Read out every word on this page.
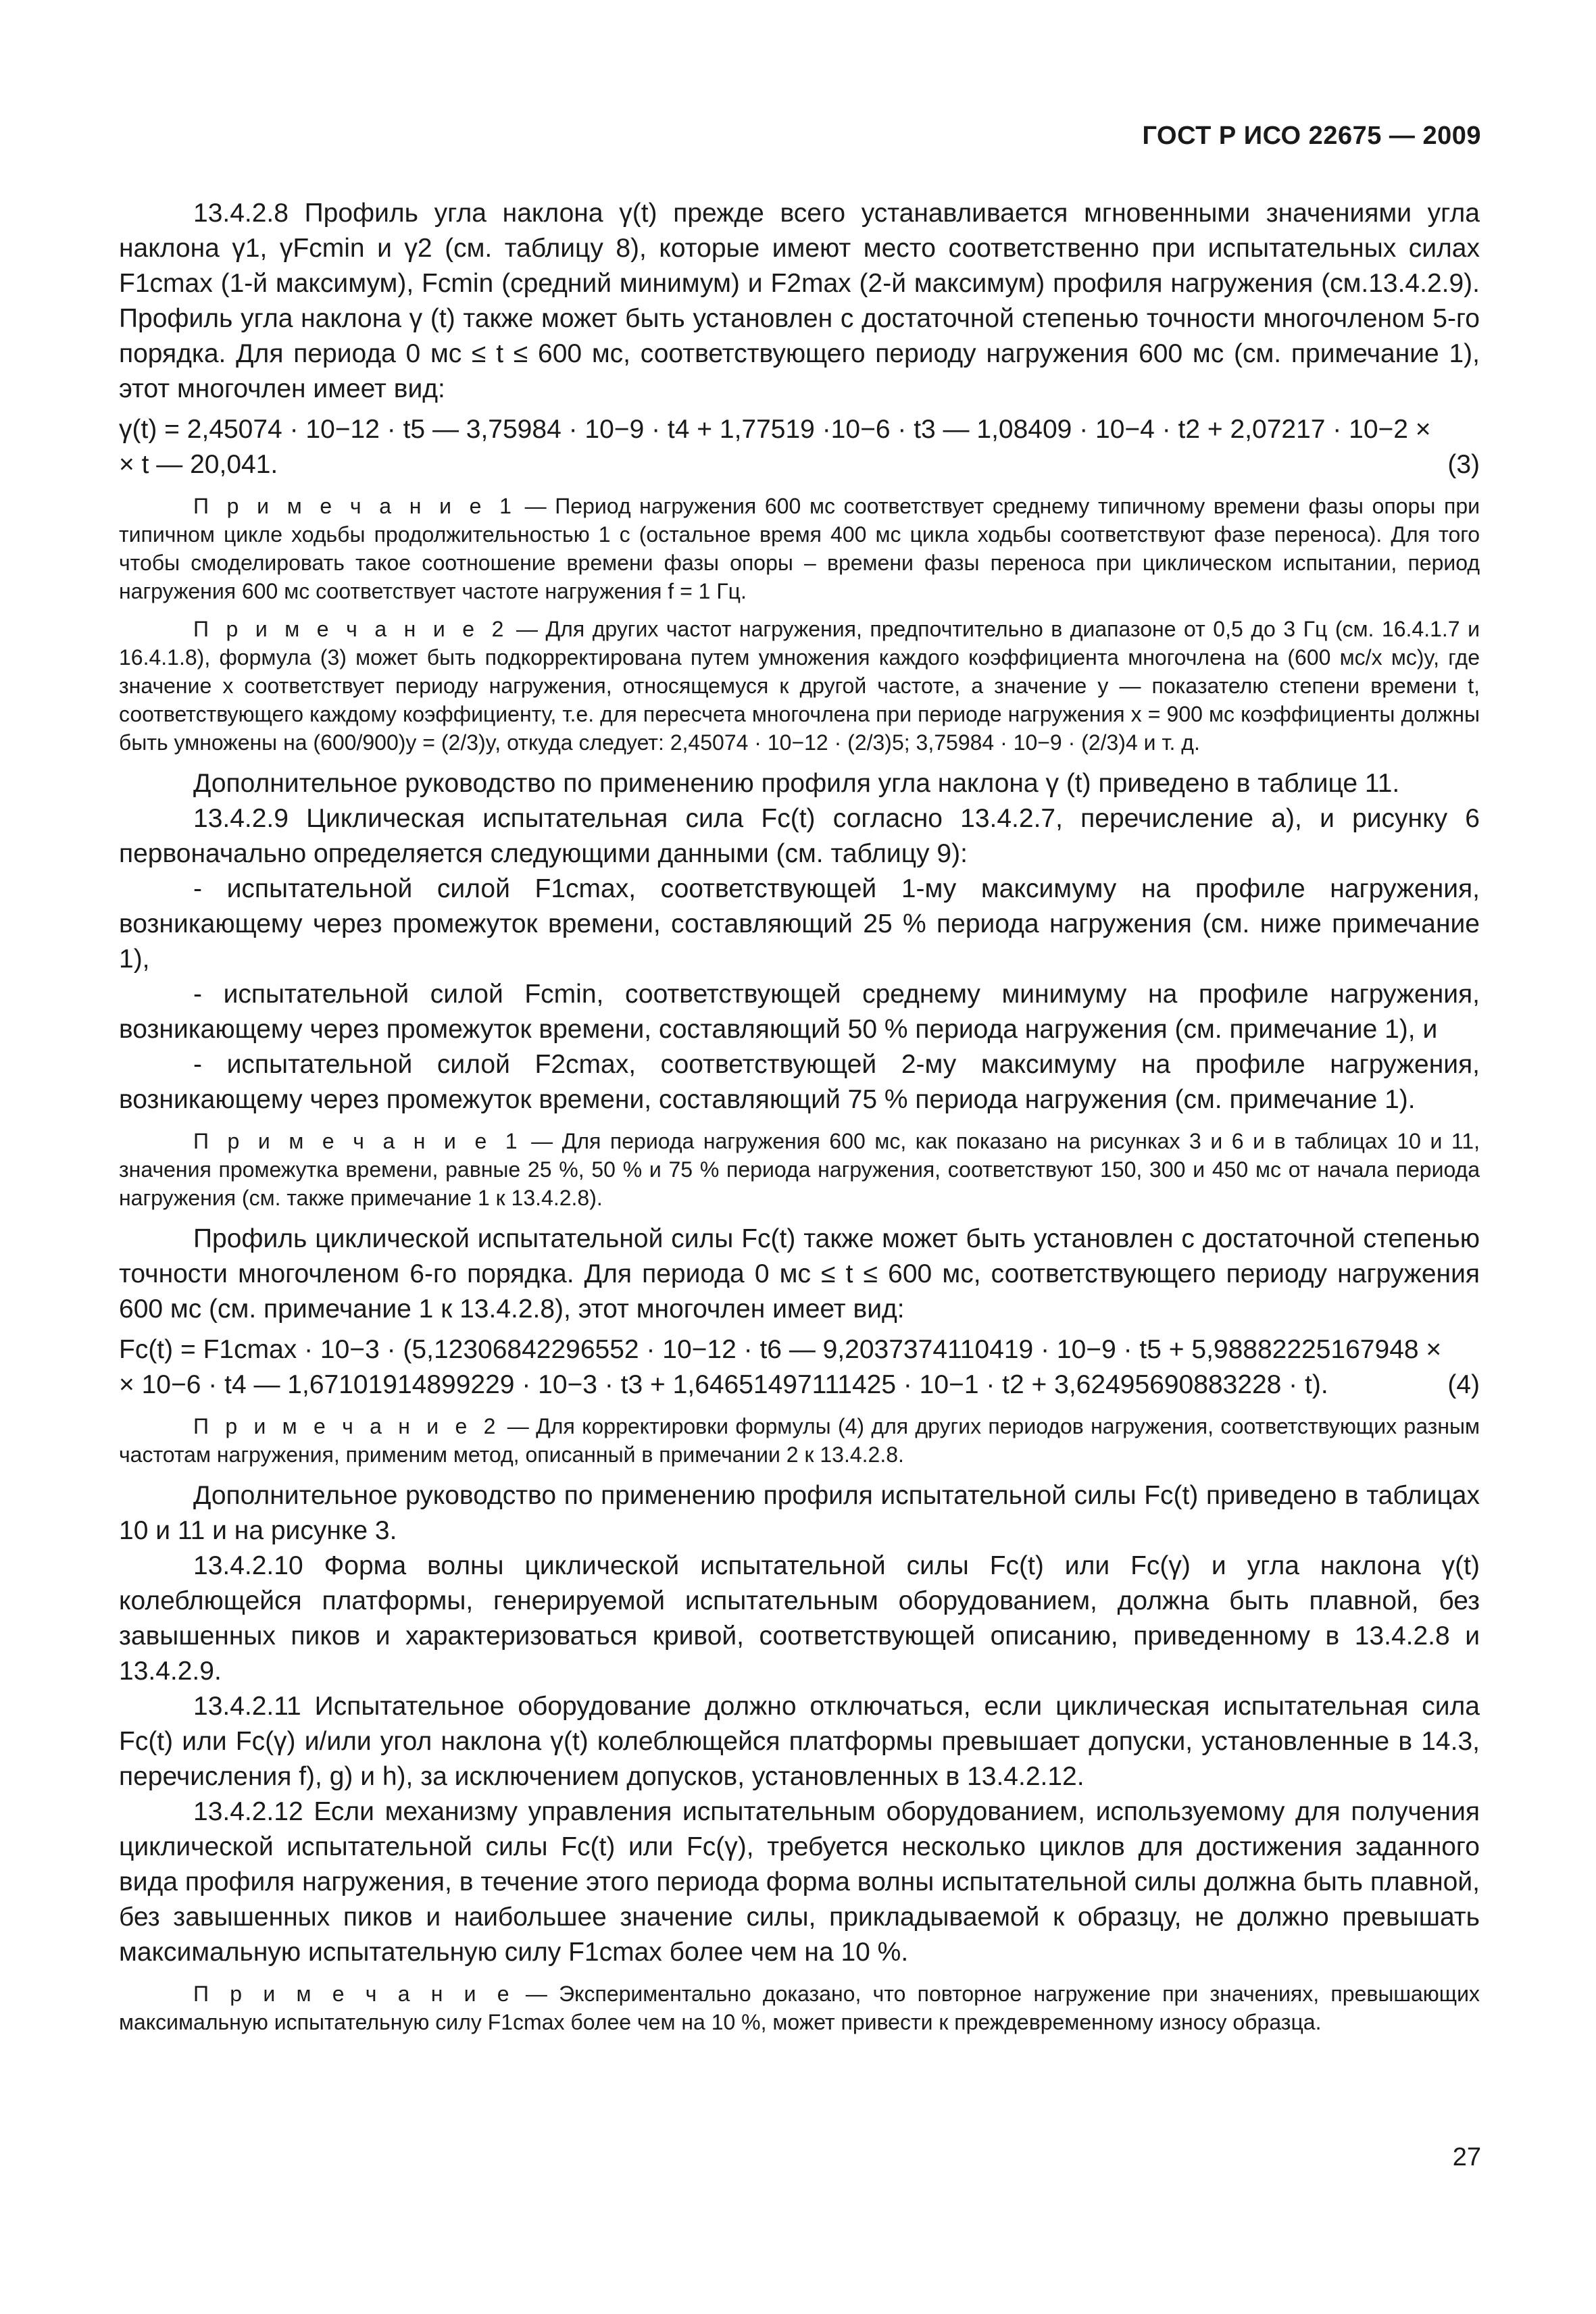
ГОСТ Р ИСО 22675 — 2009

13.4.2.8 Профиль угла наклона γ(t) прежде всего устанавливается мгновенными значениями угла наклона γ1, γFcmin и γ2 (см. таблицу 8), которые имеют место соответственно при испытательных силах F1cmax (1-й максимум), Fcmin (средний минимум) и F2max (2-й максимум) профиля нагружения (см.13.4.2.9). Профиль угла наклона γ (t) также может быть установлен с достаточной степенью точности многочленом 5-го порядка. Для периода 0 мс ≤ t ≤ 600 мс, соответствующего периоду нагружения 600 мс (см. примечание 1), этот многочлен имеет вид:

γ(t) = 2,45074 · 10−12 · t5 — 3,75984 · 10−9 · t4 + 1,77519 ·10−6 · t3 — 1,08409 · 10−4 · t2 + 2,07217 · 10−2 ×
× t — 20,041.	(3)

П р и м е ч а н и е 1 — Период нагружения 600 мс соответствует среднему типичному времени фазы опоры при типичном цикле ходьбы продолжительностью 1 с (остальное время 400 мс цикла ходьбы соответствуют фазе переноса). Для того чтобы смоделировать такое соотношение времени фазы опоры – времени фазы переноса при циклическом испытании, период нагружения 600 мс соответствует частоте нагружения f = 1 Гц.

П р и м е ч а н и е 2 — Для других частот нагружения, предпочтительно в диапазоне от 0,5 до 3 Гц (см. 16.4.1.7 и 16.4.1.8), формула (3) может быть подкорректирована путем умножения каждого коэффициента многочлена на (600 мс/x мс)y, где значение x соответствует периоду нагружения, относящемуся к другой частоте, а значение y — показателю степени времени t, соответствующего каждому коэффициенту, т.е. для пересчета многочлена при периоде нагружения x = 900 мс коэффициенты должны быть умножены на (600/900)y = (2/3)y, откуда следует: 2,45074 · 10−12 · (2/3)5; 3,75984 · 10−9 · (2/3)4 и т. д.

Дополнительное руководство по применению профиля угла наклона γ (t) приведено в таблице 11.

13.4.2.9 Циклическая испытательная сила Fc(t) согласно 13.4.2.7, перечисление а), и рисунку 6 первоначально определяется следующими данными (см. таблицу 9):

- испытательной силой F1cmax, соответствующей 1-му максимуму на профиле нагружения, возникающему через промежуток времени, составляющий 25 % периода нагружения (см. ниже примечание 1),

- испытательной силой Fcmin, соответствующей среднему минимуму на профиле нагружения, возникающему через промежуток времени, составляющий 50 % периода нагружения (см. примечание 1), и

- испытательной силой F2cmax, соответствующей 2-му максимуму на профиле нагружения, возникающему через промежуток времени, составляющий 75 % периода нагружения (см. примечание 1).

П р и м е ч а н и е 1 — Для периода нагружения 600 мс, как показано на рисунках 3 и 6 и в таблицах 10 и 11, значения промежутка времени, равные 25 %, 50 % и 75 % периода нагружения, соответствуют 150, 300 и 450 мс от начала периода нагружения (см. также примечание 1 к 13.4.2.8).

Профиль циклической испытательной силы Fc(t) также может быть установлен с достаточной степенью точности многочленом 6-го порядка. Для периода 0 мс ≤ t ≤ 600 мс, соответствующего периоду нагружения 600 мс (см. примечание 1 к 13.4.2.8), этот многочлен имеет вид:

Fc(t) = F1cmax · 10−3 · (5,12306842296552 · 10−12 · t6 — 9,2037374110419 · 10−9 · t5 + 5,98882225167948 ×
× 10−6 · t4 — 1,67101914899229 · 10−3 · t3 + 1,64651497111425 · 10−1 · t2 + 3,62495690883228 · t).	(4)

П р и м е ч а н и е 2 — Для корректировки формулы (4) для других периодов нагружения, соответствующих разным частотам нагружения, применим метод, описанный в примечании 2 к 13.4.2.8.

Дополнительное руководство по применению профиля испытательной силы Fc(t) приведено в таблицах 10 и 11 и на рисунке 3.

13.4.2.10 Форма волны циклической испытательной силы Fc(t) или Fc(γ) и угла наклона γ(t) колеблющейся платформы, генерируемой испытательным оборудованием, должна быть плавной, без завышенных пиков и характеризоваться кривой, соответствующей описанию, приведенному в 13.4.2.8 и 13.4.2.9.

13.4.2.11 Испытательное оборудование должно отключаться, если циклическая испытательная сила Fc(t) или Fc(γ) и/или угол наклона γ(t) колеблющейся платформы превышает допуски, установленные в 14.3, перечисления f), g) и h), за исключением допусков, установленных в 13.4.2.12.

13.4.2.12 Если механизму управления испытательным оборудованием, используемому для получения циклической испытательной силы Fc(t) или Fc(γ), требуется несколько циклов для достижения заданного вида профиля нагружения, в течение этого периода форма волны испытательной силы должна быть плавной, без завышенных пиков и наибольшее значение силы, прикладываемой к образцу, не должно превышать максимальную испытательную силу F1cmax более чем на 10 %.

П р и м е ч а н и е — Экспериментально доказано, что повторное нагружение при значениях, превышающих максимальную испытательную силу F1cmax более чем на 10 %, может привести к преждевременному износу образца.

27
